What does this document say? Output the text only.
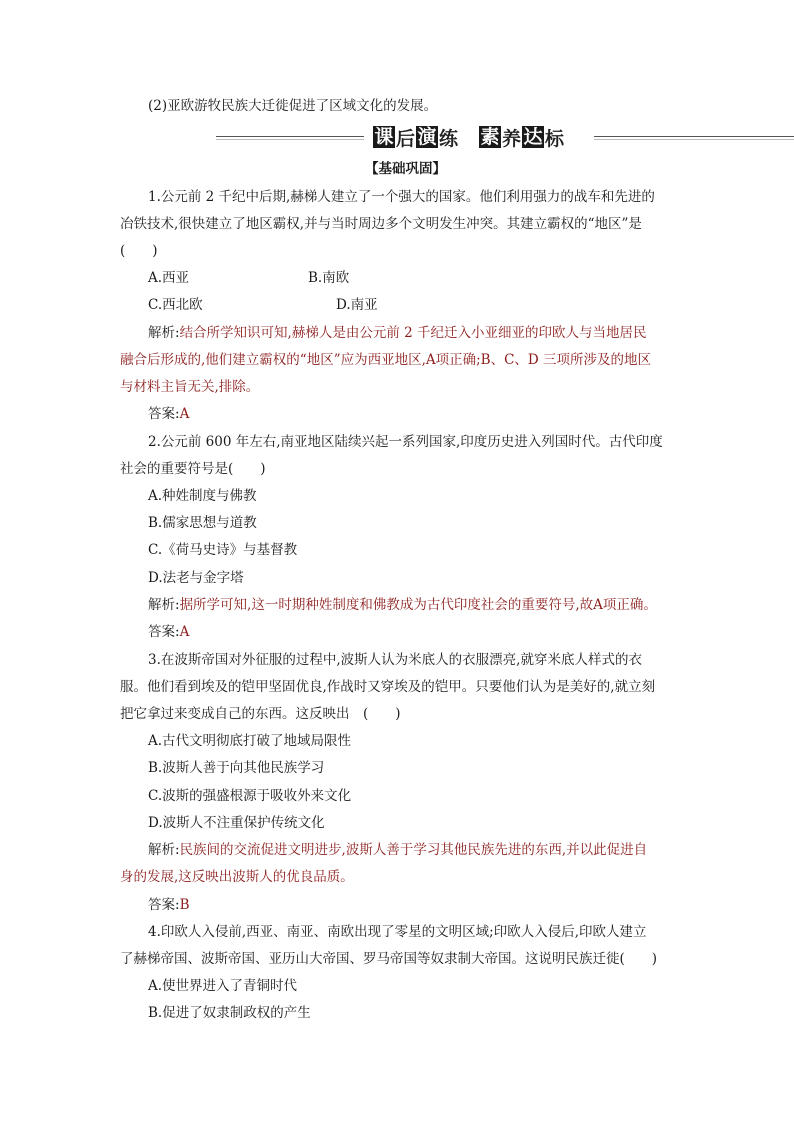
(2)亚欧游牧民族大迁徙促进了区域文化的发展。
课 后 演 练 素 养 达 标
【基础巩固】
1.公元前 2 千纪中后期,赫梯人建立了一个强大的国家。他们利用强力的战车和先进的
冶铁技术,很快建立了地区霸权,并与当时周边多个文明发生冲突。其建立霸权的“地区”是
(　　)
A.西亚	B.南欧
C.西北欧	D.南亚
解析:结合所学知识可知,赫梯人是由公元前 2 千纪迁入小亚细亚的印欧人与当地居民
融合后形成的,他们建立霸权的“地区”应为西亚地区,A项正确;B、C、D 三项所涉及的地区
与材料主旨无关,排除。
答案:A
2.公元前 600 年左右,南亚地区陆续兴起一系列国家,印度历史进入列国时代。古代印度
社会的重要符号是(　　)
A.种姓制度与佛教
B.儒家思想与道教
C.《荷马史诗》与基督教
D.法老与金字塔
解析:据所学可知,这一时期种姓制度和佛教成为古代印度社会的重要符号,故A项正确。
答案:A
3.在波斯帝国对外征服的过程中,波斯人认为米底人的衣服漂亮,就穿米底人样式的衣
服。他们看到埃及的铠甲坚固优良,作战时又穿埃及的铠甲。只要他们认为是美好的,就立刻
把它拿过来变成自己的东西。这反映出　(　　)
A.古代文明彻底打破了地域局限性
B.波斯人善于向其他民族学习
C.波斯的强盛根源于吸收外来文化
D.波斯人不注重保护传统文化
解析:民族间的交流促进文明进步,波斯人善于学习其他民族先进的东西,并以此促进自
身的发展,这反映出波斯人的优良品质。
答案:B
4.印欧人入侵前,西亚、南亚、南欧出现了零星的文明区域;印欧人入侵后,印欧人建立
了赫梯帝国、波斯帝国、亚历山大帝国、罗马帝国等奴隶制大帝国。这说明民族迁徙(　　)
A.使世界进入了青铜时代
B.促进了奴隶制政权的产生
